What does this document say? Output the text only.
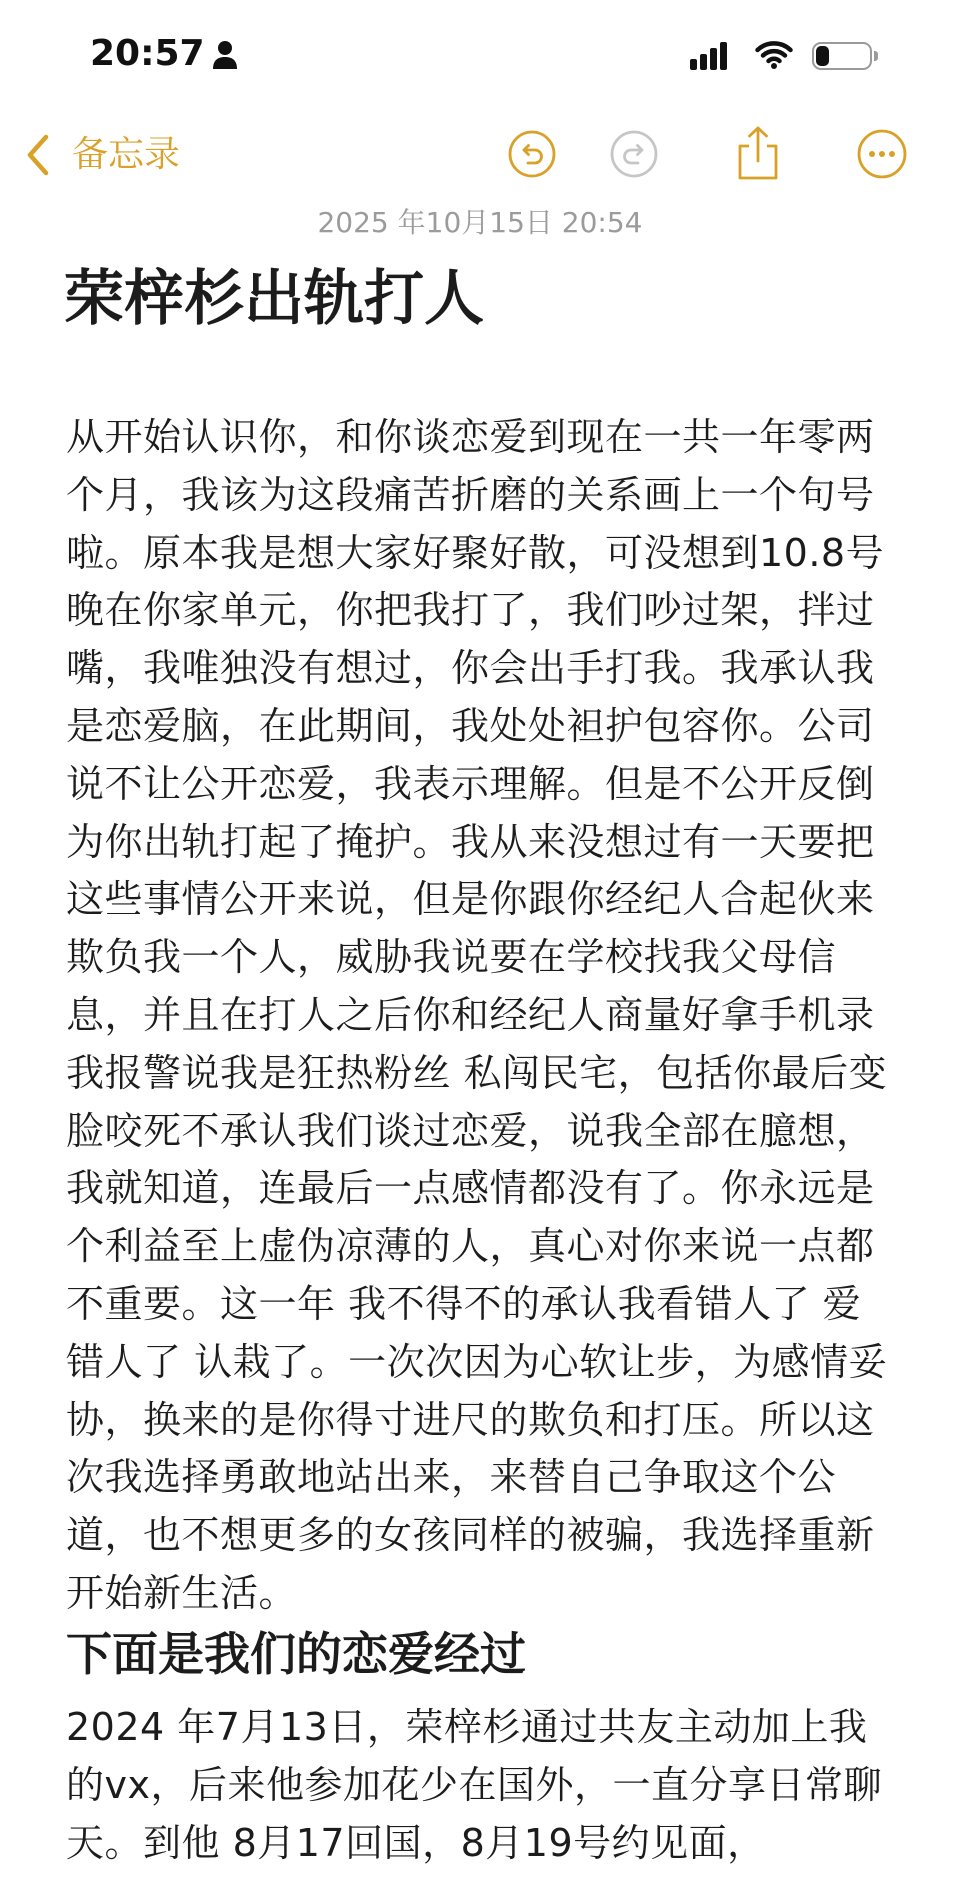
20:57
备忘录
2025 年10月15日 20:54
荣梓杉出轨打人
从开始认识你，和你谈恋爱到现在一共一年零两
个月，我该为这段痛苦折磨的关系画上一个句号
啦。原本我是想大家好聚好散，可没想到10.8号
晚在你家单元，你把我打了，我们吵过架，拌过
嘴，我唯独没有想过，你会出手打我。我承认我
是恋爱脑，在此期间，我处处袒护包容你。公司
说不让公开恋爱，我表示理解。但是不公开反倒
为你出轨打起了掩护。我从来没想过有一天要把
这些事情公开来说，但是你跟你经纪人合起伙来
欺负我一个人，威胁我说要在学校找我父母信
息，并且在打人之后你和经纪人商量好拿手机录
我报警说我是狂热粉丝 私闯民宅，包括你最后变
脸咬死不承认我们谈过恋爱，说我全部在臆想，
我就知道，连最后一点感情都没有了。你永远是
个利益至上虚伪凉薄的人，真心对你来说一点都
不重要。这一年 我不得不的承认我看错人了 爱
错人了 认栽了。一次次因为心软让步，为感情妥
协，换来的是你得寸进尺的欺负和打压。所以这
次我选择勇敢地站出来，来替自己争取这个公
道，也不想更多的女孩同样的被骗，我选择重新
开始新生活。
下面是我们的恋爱经过
2024 年7月13日，荣梓杉通过共友主动加上我
的vx，后来他参加花少在国外，一直分享日常聊
天。到他 8月17回国，8月19号约见面，
